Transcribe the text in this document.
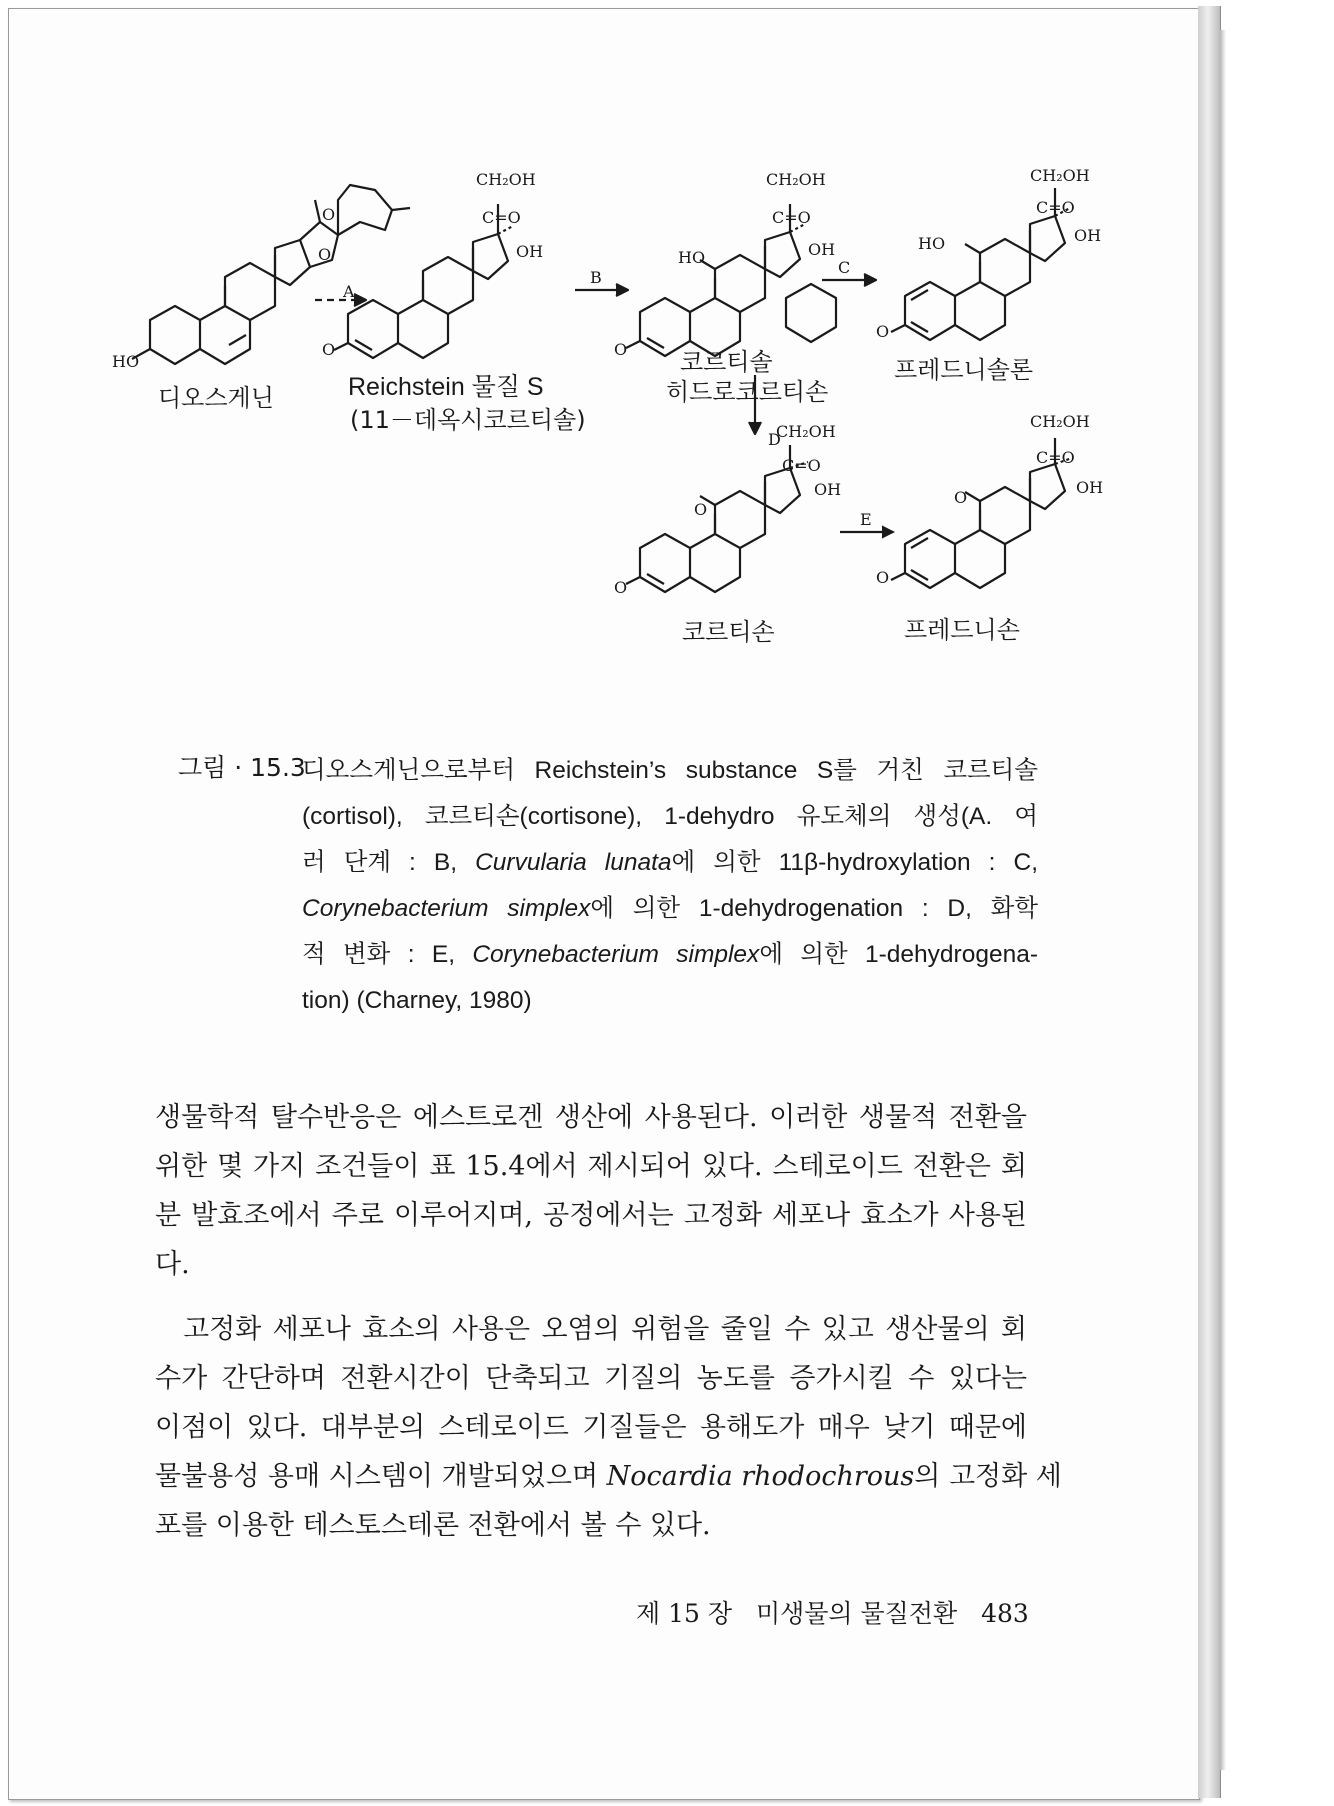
HO
O
O
A
CH₂OH
C=O
OH
O
B
CH₂OH
C=O
OH
HO
O
C
CH₂OH
C=O
OH
HO
O
D
CH₂OH
C=O
OH
O
O
E
CH₂OH
C=O
OH
O
O
디오스게닌	Reichstein 물질 S
(11－데옥시코르티솔)
코르티솔
히드로코르티손
프레드니솔론
코르티손	프레드니손
그림 · 15.3
디오스게닌으로부터 Reichstein’s substance S를 거친 코르티솔
(cortisol), 코르티손(cortisone), 1-dehydro 유도체의 생성(A. 여
러 단계 : B, Curvularia lunata에 의한 11β-hydroxylation : C,
Corynebacterium simplex에 의한 1-dehydrogenation : D, 화학
적 변화 : E, Corynebacterium simplex에 의한 1-dehydrogena-
tion) (Charney, 1980)
생물학적 탈수반응은 에스트로겐 생산에 사용된다. 이러한 생물적 전환을
위한 몇 가지 조건들이 표 15.4에서 제시되어 있다. 스테로이드 전환은 회
분 발효조에서 주로 이루어지며, 공정에서는 고정화 세포나 효소가 사용된
다.
고정화 세포나 효소의 사용은 오염의 위험을 줄일 수 있고 생산물의 회
수가 간단하며 전환시간이 단축되고 기질의 농도를 증가시킬 수 있다는
이점이 있다. 대부분의 스테로이드 기질들은 용해도가 매우 낮기 때문에
물불용성 용매 시스템이 개발되었으며 Nocardia rhodochrous의 고정화 세
포를 이용한 테스토스테론 전환에서 볼 수 있다.
제 15 장 미생물의 물질전환 483
